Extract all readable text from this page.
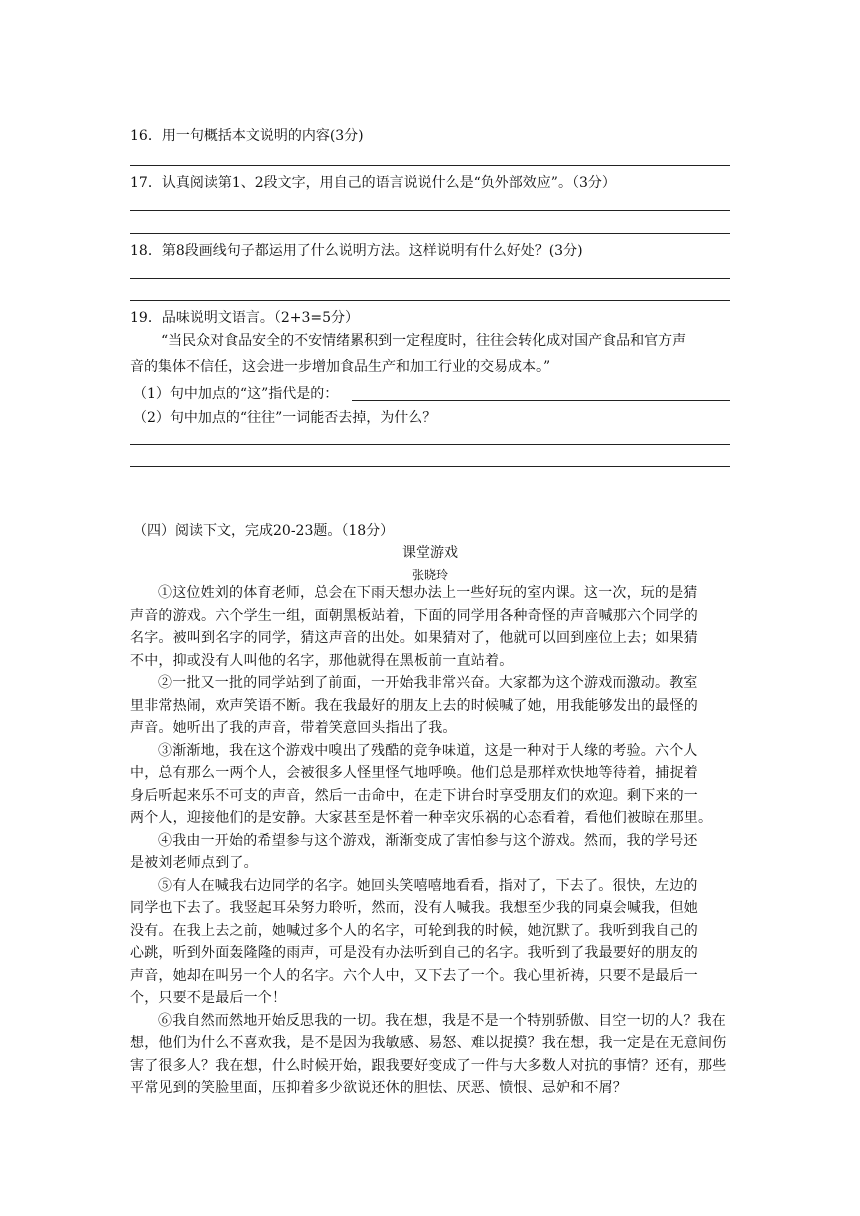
16．用一句概括本文说明的内容(3分)
17．认真阅读第1、2段文字，用自己的语言说说什么是“负外部效应”。（3分）
18．第8段画线句子都运用了什么说明方法。这样说明有什么好处？(3分)
19．品味说明文语言。（2+3=5分）
“当民众对食品安全的不安情绪累积到一定程度时，往往会转化成对国产食品和官方声
音的集体不信任，这会进一步增加食品生产和加工行业的交易成本。”
（1）句中加点的“这”指代是的：
（2）句中加点的“往往”一词能否去掉，为什么？
（四）阅读下文，完成20-23题。（18分）
课堂游戏
张晓玲
①这位姓刘的体育老师，总会在下雨天想办法上一些好玩的室内课。这一次，玩的是猜
声音的游戏。六个学生一组，面朝黑板站着，下面的同学用各种奇怪的声音喊那六个同学的
名字。被叫到名字的同学，猜这声音的出处。如果猜对了，他就可以回到座位上去；如果猜
不中，抑或没有人叫他的名字，那他就得在黑板前一直站着。
②一批又一批的同学站到了前面，一开始我非常兴奋。大家都为这个游戏而激动。教室
里非常热闹，欢声笑语不断。我在我最好的朋友上去的时候喊了她，用我能够发出的最怪的
声音。她听出了我的声音，带着笑意回头指出了我。
③渐渐地，我在这个游戏中嗅出了残酷的竞争味道，这是一种对于人缘的考验。六个人
中，总有那么一两个人，会被很多人怪里怪气地呼唤。他们总是那样欢快地等待着，捕捉着
身后听起来乐不可支的声音，然后一击命中，在走下讲台时享受朋友们的欢迎。剩下来的一
两个人，迎接他们的是安静。大家甚至是怀着一种幸灾乐祸的心态看着，看他们被晾在那里。
④我由一开始的希望参与这个游戏，渐渐变成了害怕参与这个游戏。然而，我的学号还
是被刘老师点到了。
⑤有人在喊我右边同学的名字。她回头笑嘻嘻地看看，指对了，下去了。很快，左边的
同学也下去了。我竖起耳朵努力聆听，然而，没有人喊我。我想至少我的同桌会喊我，但她
没有。在我上去之前，她喊过多个人的名字，可轮到我的时候，她沉默了。我听到我自己的
心跳，听到外面轰隆隆的雨声，可是没有办法听到自己的名字。我听到了我最要好的朋友的
声音，她却在叫另一个人的名字。六个人中，又下去了一个。我心里祈祷，只要不是最后一
个，只要不是最后一个！
⑥我自然而然地开始反思我的一切。我在想，我是不是一个特别骄傲、目空一切的人？我在
想，他们为什么不喜欢我，是不是因为我敏感、易怒、难以捉摸？我在想，我一定是在无意间伤
害了很多人？我在想，什么时候开始，跟我要好变成了一件与大多数人对抗的事情？还有，那些
平常见到的笑脸里面，压抑着多少欲说还休的胆怯、厌恶、愤恨、忌妒和不屑？
